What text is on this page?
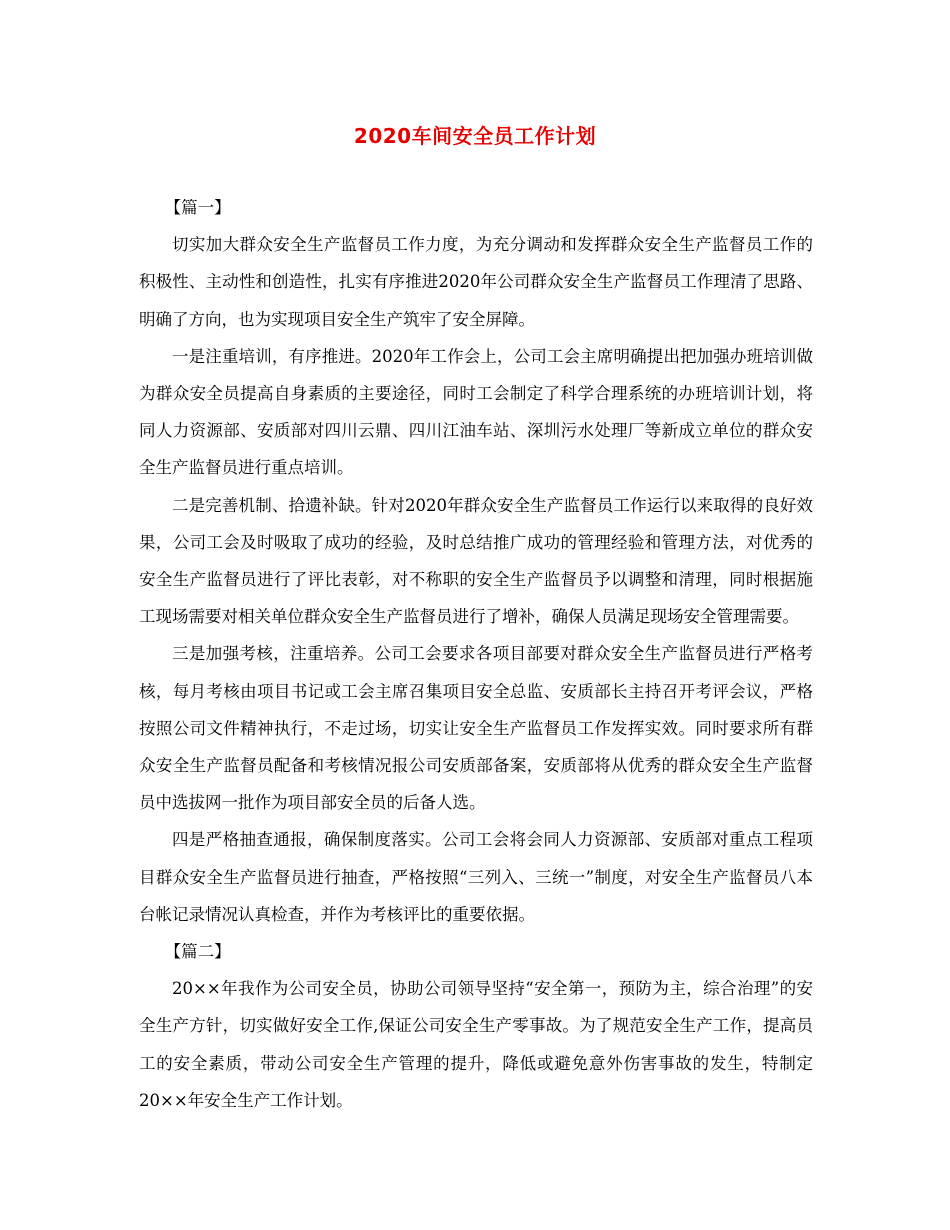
2020车间安全员工作计划

【篇一】

切实加大群众安全生产监督员工作力度，为充分调动和发挥群众安全生产监督员工作的积极性、主动性和创造性，扎实有序推进2020年公司群众安全生产监督员工作理清了思路、明确了方向，也为实现项目安全生产筑牢了安全屏障。

一是注重培训，有序推进。2020年工作会上，公司工会主席明确提出把加强办班培训做为群众安全员提高自身素质的主要途径，同时工会制定了科学合理系统的办班培训计划，将同人力资源部、安质部对四川云鼎、四川江油车站、深圳污水处理厂等新成立单位的群众安全生产监督员进行重点培训。

二是完善机制、拾遗补缺。针对2020年群众安全生产监督员工作运行以来取得的良好效果，公司工会及时吸取了成功的经验，及时总结推广成功的管理经验和管理方法，对优秀的安全生产监督员进行了评比表彰，对不称职的安全生产监督员予以调整和清理，同时根据施工现场需要对相关单位群众安全生产监督员进行了增补，确保人员满足现场安全管理需要。

三是加强考核，注重培养。公司工会要求各项目部要对群众安全生产监督员进行严格考核，每月考核由项目书记或工会主席召集项目安全总监、安质部长主持召开考评会议，严格按照公司文件精神执行，不走过场，切实让安全生产监督员工作发挥实效。同时要求所有群众安全生产监督员配备和考核情况报公司安质部备案，安质部将从优秀的群众安全生产监督员中选拔网一批作为项目部安全员的后备人选。

四是严格抽查通报，确保制度落实。公司工会将会同人力资源部、安质部对重点工程项目群众安全生产监督员进行抽查，严格按照“三列入、三统一”制度，对安全生产监督员八本台帐记录情况认真检查，并作为考核评比的重要依据。

【篇二】

20××年我作为公司安全员，协助公司领导坚持“安全第一，预防为主，综合治理”的安全生产方针，切实做好安全工作,保证公司安全生产零事故。为了规范安全生产工作，提高员工的安全素质，带动公司安全生产管理的提升，降低或避免意外伤害事故的发生，特制定20××年安全生产工作计划。
